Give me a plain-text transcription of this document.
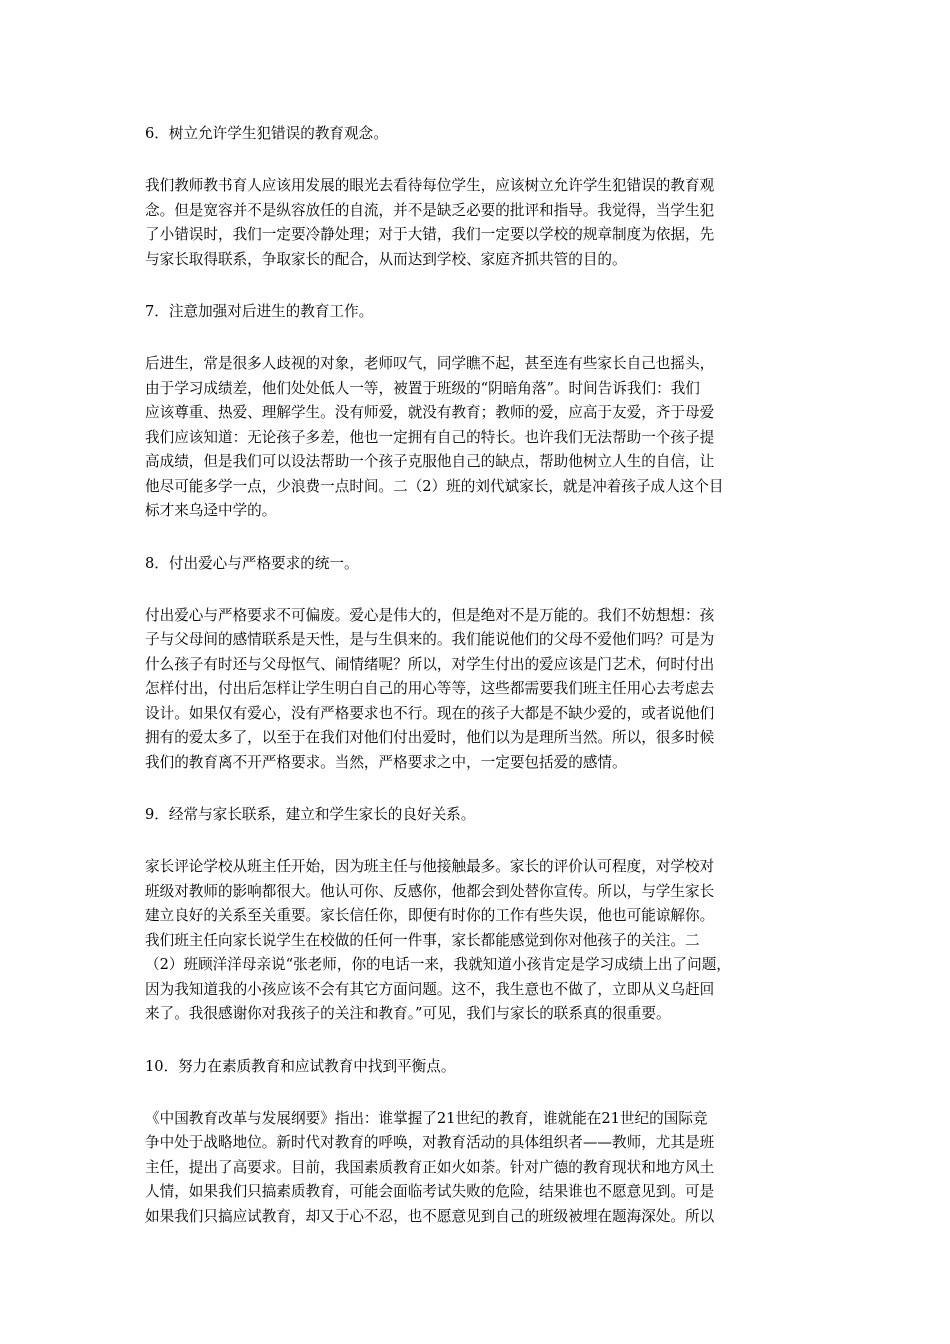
6．树立允许学生犯错误的教育观念。
我们教师教书育人应该用发展的眼光去看待每位学生，应该树立允许学生犯错误的教育观
念。但是宽容并不是纵容放任的自流，并不是缺乏必要的批评和指导。我觉得，当学生犯
了小错误时，我们一定要冷静处理；对于大错，我们一定要以学校的规章制度为依据，先
与家长取得联系，争取家长的配合，从而达到学校、家庭齐抓共管的目的。
7．注意加强对后进生的教育工作。
后进生，常是很多人歧视的对象，老师叹气，同学瞧不起，甚至连有些家长自己也摇头，
由于学习成绩差，他们处处低人一等，被置于班级的“阴暗角落”。时间告诉我们：我们
应该尊重、热爱、理解学生。没有师爱，就没有教育；教师的爱，应高于友爱，齐于母爱
我们应该知道：无论孩子多差，他也一定拥有自己的特长。也许我们无法帮助一个孩子提
高成绩，但是我们可以设法帮助一个孩子克服他自己的缺点，帮助他树立人生的自信，让
他尽可能多学一点，少浪费一点时间。二（2）班的刘代斌家长，就是冲着孩子成人这个目
标才来乌迳中学的。
8．付出爱心与严格要求的统一。
付出爱心与严格要求不可偏废。爱心是伟大的，但是绝对不是万能的。我们不妨想想：孩
子与父母间的感情联系是天性，是与生俱来的。我们能说他们的父母不爱他们吗？可是为
什么孩子有时还与父母怄气、闹情绪呢？所以，对学生付出的爱应该是门艺术，何时付出
怎样付出，付出后怎样让学生明白自己的用心等等，这些都需要我们班主任用心去考虑去
设计。如果仅有爱心，没有严格要求也不行。现在的孩子大都是不缺少爱的，或者说他们
拥有的爱太多了，以至于在我们对他们付出爱时，他们以为是理所当然。所以，很多时候
我们的教育离不开严格要求。当然，严格要求之中，一定要包括爱的感情。
9．经常与家长联系，建立和学生家长的良好关系。
家长评论学校从班主任开始，因为班主任与他接触最多。家长的评价认可程度，对学校对
班级对教师的影响都很大。他认可你、反感你，他都会到处替你宣传。所以，与学生家长
建立良好的关系至关重要。家长信任你，即便有时你的工作有些失误，他也可能谅解你。
我们班主任向家长说学生在校做的任何一件事，家长都能感觉到你对他孩子的关注。二
（2）班顾洋洋母亲说“张老师，你的电话一来，我就知道小孩肯定是学习成绩上出了问题，
因为我知道我的小孩应该不会有其它方面问题。这不，我生意也不做了，立即从义乌赶回
来了。我很感谢你对我孩子的关注和教育。”可见，我们与家长的联系真的很重要。
10．努力在素质教育和应试教育中找到平衡点。
《中国教育改革与发展纲要》指出：谁掌握了21世纪的教育，谁就能在21世纪的国际竞
争中处于战略地位。新时代对教育的呼唤，对教育活动的具体组织者——教师，尤其是班
主任，提出了高要求。目前，我国素质教育正如火如荼。针对广德的教育现状和地方风土
人情，如果我们只搞素质教育，可能会面临考试失败的危险，结果谁也不愿意见到。可是
如果我们只搞应试教育，却又于心不忍，也不愿意见到自己的班级被埋在题海深处。所以
